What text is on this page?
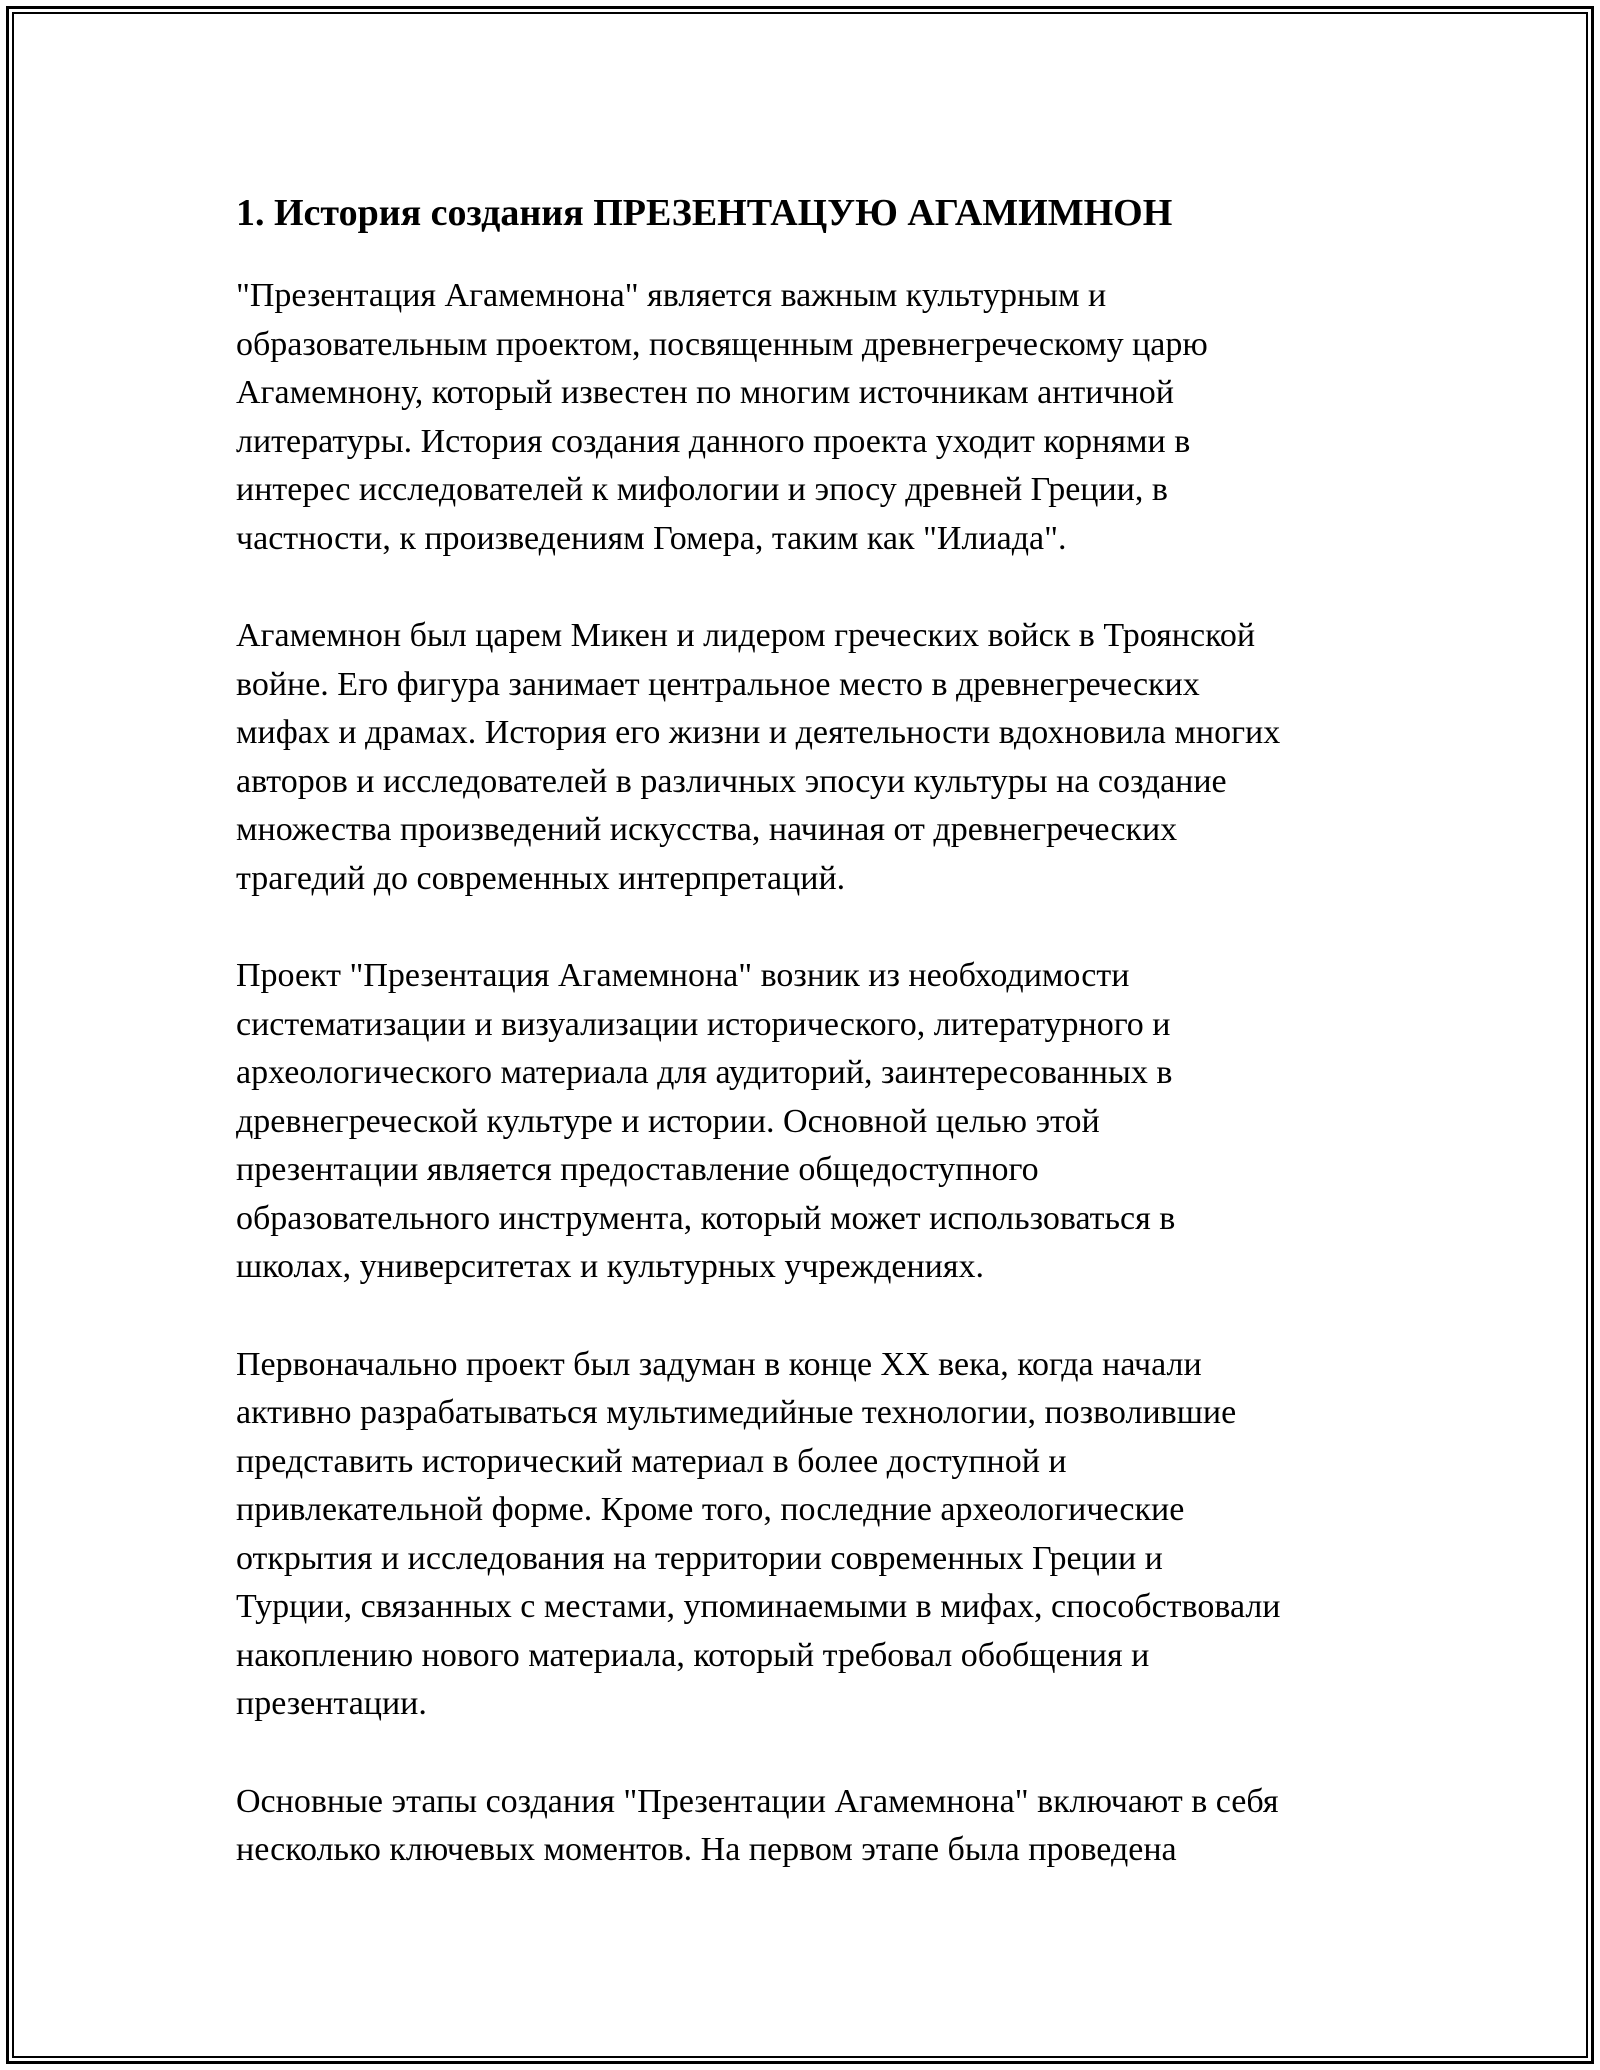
1. История создания ПРЕЗЕНТАЦУЮ АГАМИМНОН

"Презентация Агамемнона" является важным культурным и
образовательным проектом, посвященным древнегреческому царю
Агамемнону, который известен по многим источникам античной
литературы. История создания данного проекта уходит корнями в
интерес исследователей к мифологии и эпосу древней Греции, в
частности, к произведениям Гомера, таким как "Илиада".

Агамемнон был царем Микен и лидером греческих войск в Троянской
войне. Его фигура занимает центральное место в древнегреческих
мифах и драмах. История его жизни и деятельности вдохновила многих
авторов и исследователей в различных эпосуи культуры на создание
множества произведений искусства, начиная от древнегреческих
трагедий до современных интерпретаций.

Проект "Презентация Агамемнона" возник из необходимости
систематизации и визуализации исторического, литературного и
археологического материала для аудиторий, заинтересованных в
древнегреческой культуре и истории. Основной целью этой
презентации является предоставление общедоступного
образовательного инструмента, который может использоваться в
школах, университетах и культурных учреждениях.

Первоначально проект был задуман в конце XX века, когда начали
активно разрабатываться мультимедийные технологии, позволившие
представить исторический материал в более доступной и
привлекательной форме. Кроме того, последние археологические
открытия и исследования на территории современных Греции и
Турции, связанных с местами, упоминаемыми в мифах, способствовали
накоплению нового материала, который требовал обобщения и
презентации.

Основные этапы создания "Презентации Агамемнона" включают в себя
несколько ключевых моментов. На первом этапе была проведена
